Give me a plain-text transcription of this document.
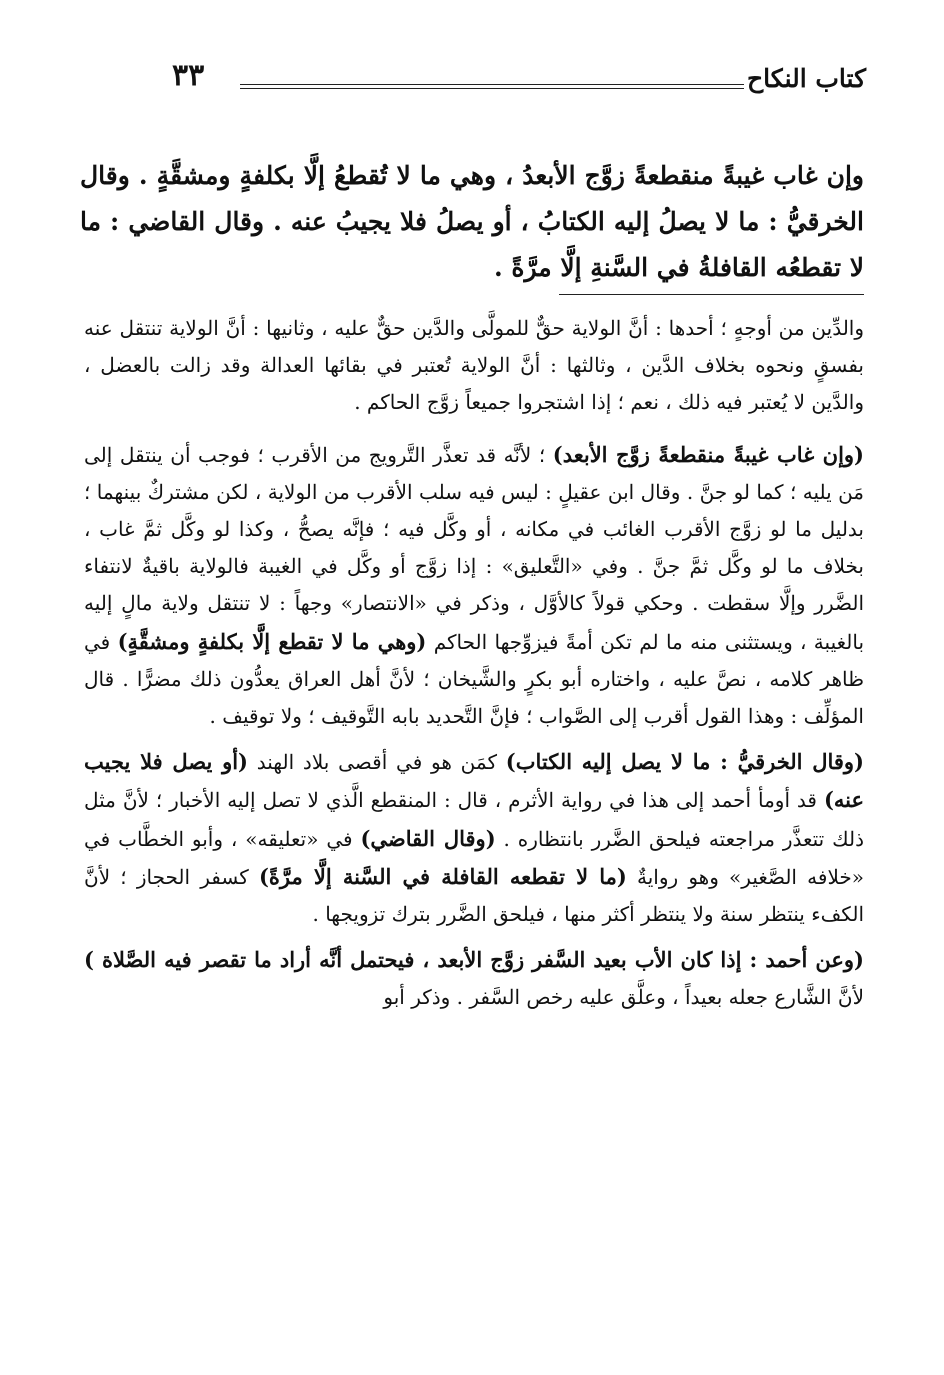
كتاب النكاح
٣٣

وإن غاب غيبةً منقطعةً زوَّج الأبعدُ ، وهي ما لا تُقطعُ إلَّا بكلفةٍ ومشقَّةٍ . وقال الخرقيُّ : ما لا يصلُ إليه الكتابُ ، أو يصلُ فلا يجيبُ عنه . وقال القاضي : ما لا تقطعُه القافلةُ في السَّنةِ إلَّا مرَّةً .

والدِّين من أوجهٍ ؛ أحدها : أنَّ الولاية حقٌّ للمولَّى والدَّين حقٌّ عليه ، وثانيها : أنَّ الولاية تنتقل عنه بفسقٍ ونحوه بخلاف الدَّين ، وثالثها : أنَّ الولاية تُعتبر في بقائها العدالة وقد زالت بالعضل ، والدَّين لا يُعتبر فيه ذلك ، نعم ؛ إذا اشتجروا جميعاً زوَّج الحاكم .

(وإن غاب غيبةً منقطعةً زوَّج الأبعد) ؛ لأنَّه قد تعذَّر التَّرويج من الأقرب ؛ فوجب أن ينتقل إلى مَن يليه ؛ كما لو جنَّ . وقال ابن عقيلٍ : ليس فيه سلب الأقرب من الولاية ، لكن مشتركٌ بينهما ؛ بدليل ما لو زوَّج الأقرب الغائب في مكانه ، أو وكَّل فيه ؛ فإنَّه يصحُّ ، وكذا لو وكَّل ثمَّ غاب ، بخلاف ما لو وكَّل ثمَّ جنَّ . وفي «التَّعليق» : إذا زوَّج أو وكَّل في الغيبة فالولاية باقيةٌ لانتفاء الضَّرر وإلَّا سقطت . وحكي قولاً كالأوَّل ، وذكر في «الانتصار» وجهاً : لا تنتقل ولاية مالٍ إليه بالغيبة ، ويستثنى منه ما لم تكن أمةً فيزوِّجها الحاكم (وهي ما لا تقطع إلَّا بكلفةٍ ومشقَّةٍ) في ظاهر كلامه ، نصَّ عليه ، واختاره أبو بكرٍ والشَّيخان ؛ لأنَّ أهل العراق يعدُّون ذلك مضرًّا . قال المؤلِّف : وهذا القول أقرب إلى الصَّواب ؛ فإنَّ التَّحديد بابه التَّوقيف ؛ ولا توقيف .

(وقال الخرقيُّ : ما لا يصل إليه الكتاب) كمَن هو في أقصى بلاد الهند (أو يصل فلا يجيب عنه) قد أومأ أحمد إلى هذا في رواية الأثرم ، قال : المنقطع الَّذي لا تصل إليه الأخبار ؛ لأنَّ مثل ذلك تتعذَّر مراجعته فيلحق الضَّرر بانتظاره . (وقال القاضي) في «تعليقه» ، وأبو الخطَّاب في «خلافه الصَّغير» وهو روايةٌ (ما لا تقطعه القافلة في السَّنة إلَّا مرَّةً) كسفر الحجاز ؛ لأنَّ الكفء ينتظر سنة ولا ينتظر أكثر منها ، فيلحق الضَّرر بترك تزويجها .

(وعن أحمد : إذا كان الأب بعيد السَّفر زوَّج الأبعد ، فيحتمل أنَّه أراد ما تقصر فيه الصَّلاة ) لأنَّ الشَّارع جعله بعيداً ، وعلَّق عليه رخص السَّفر . وذكر أبو
